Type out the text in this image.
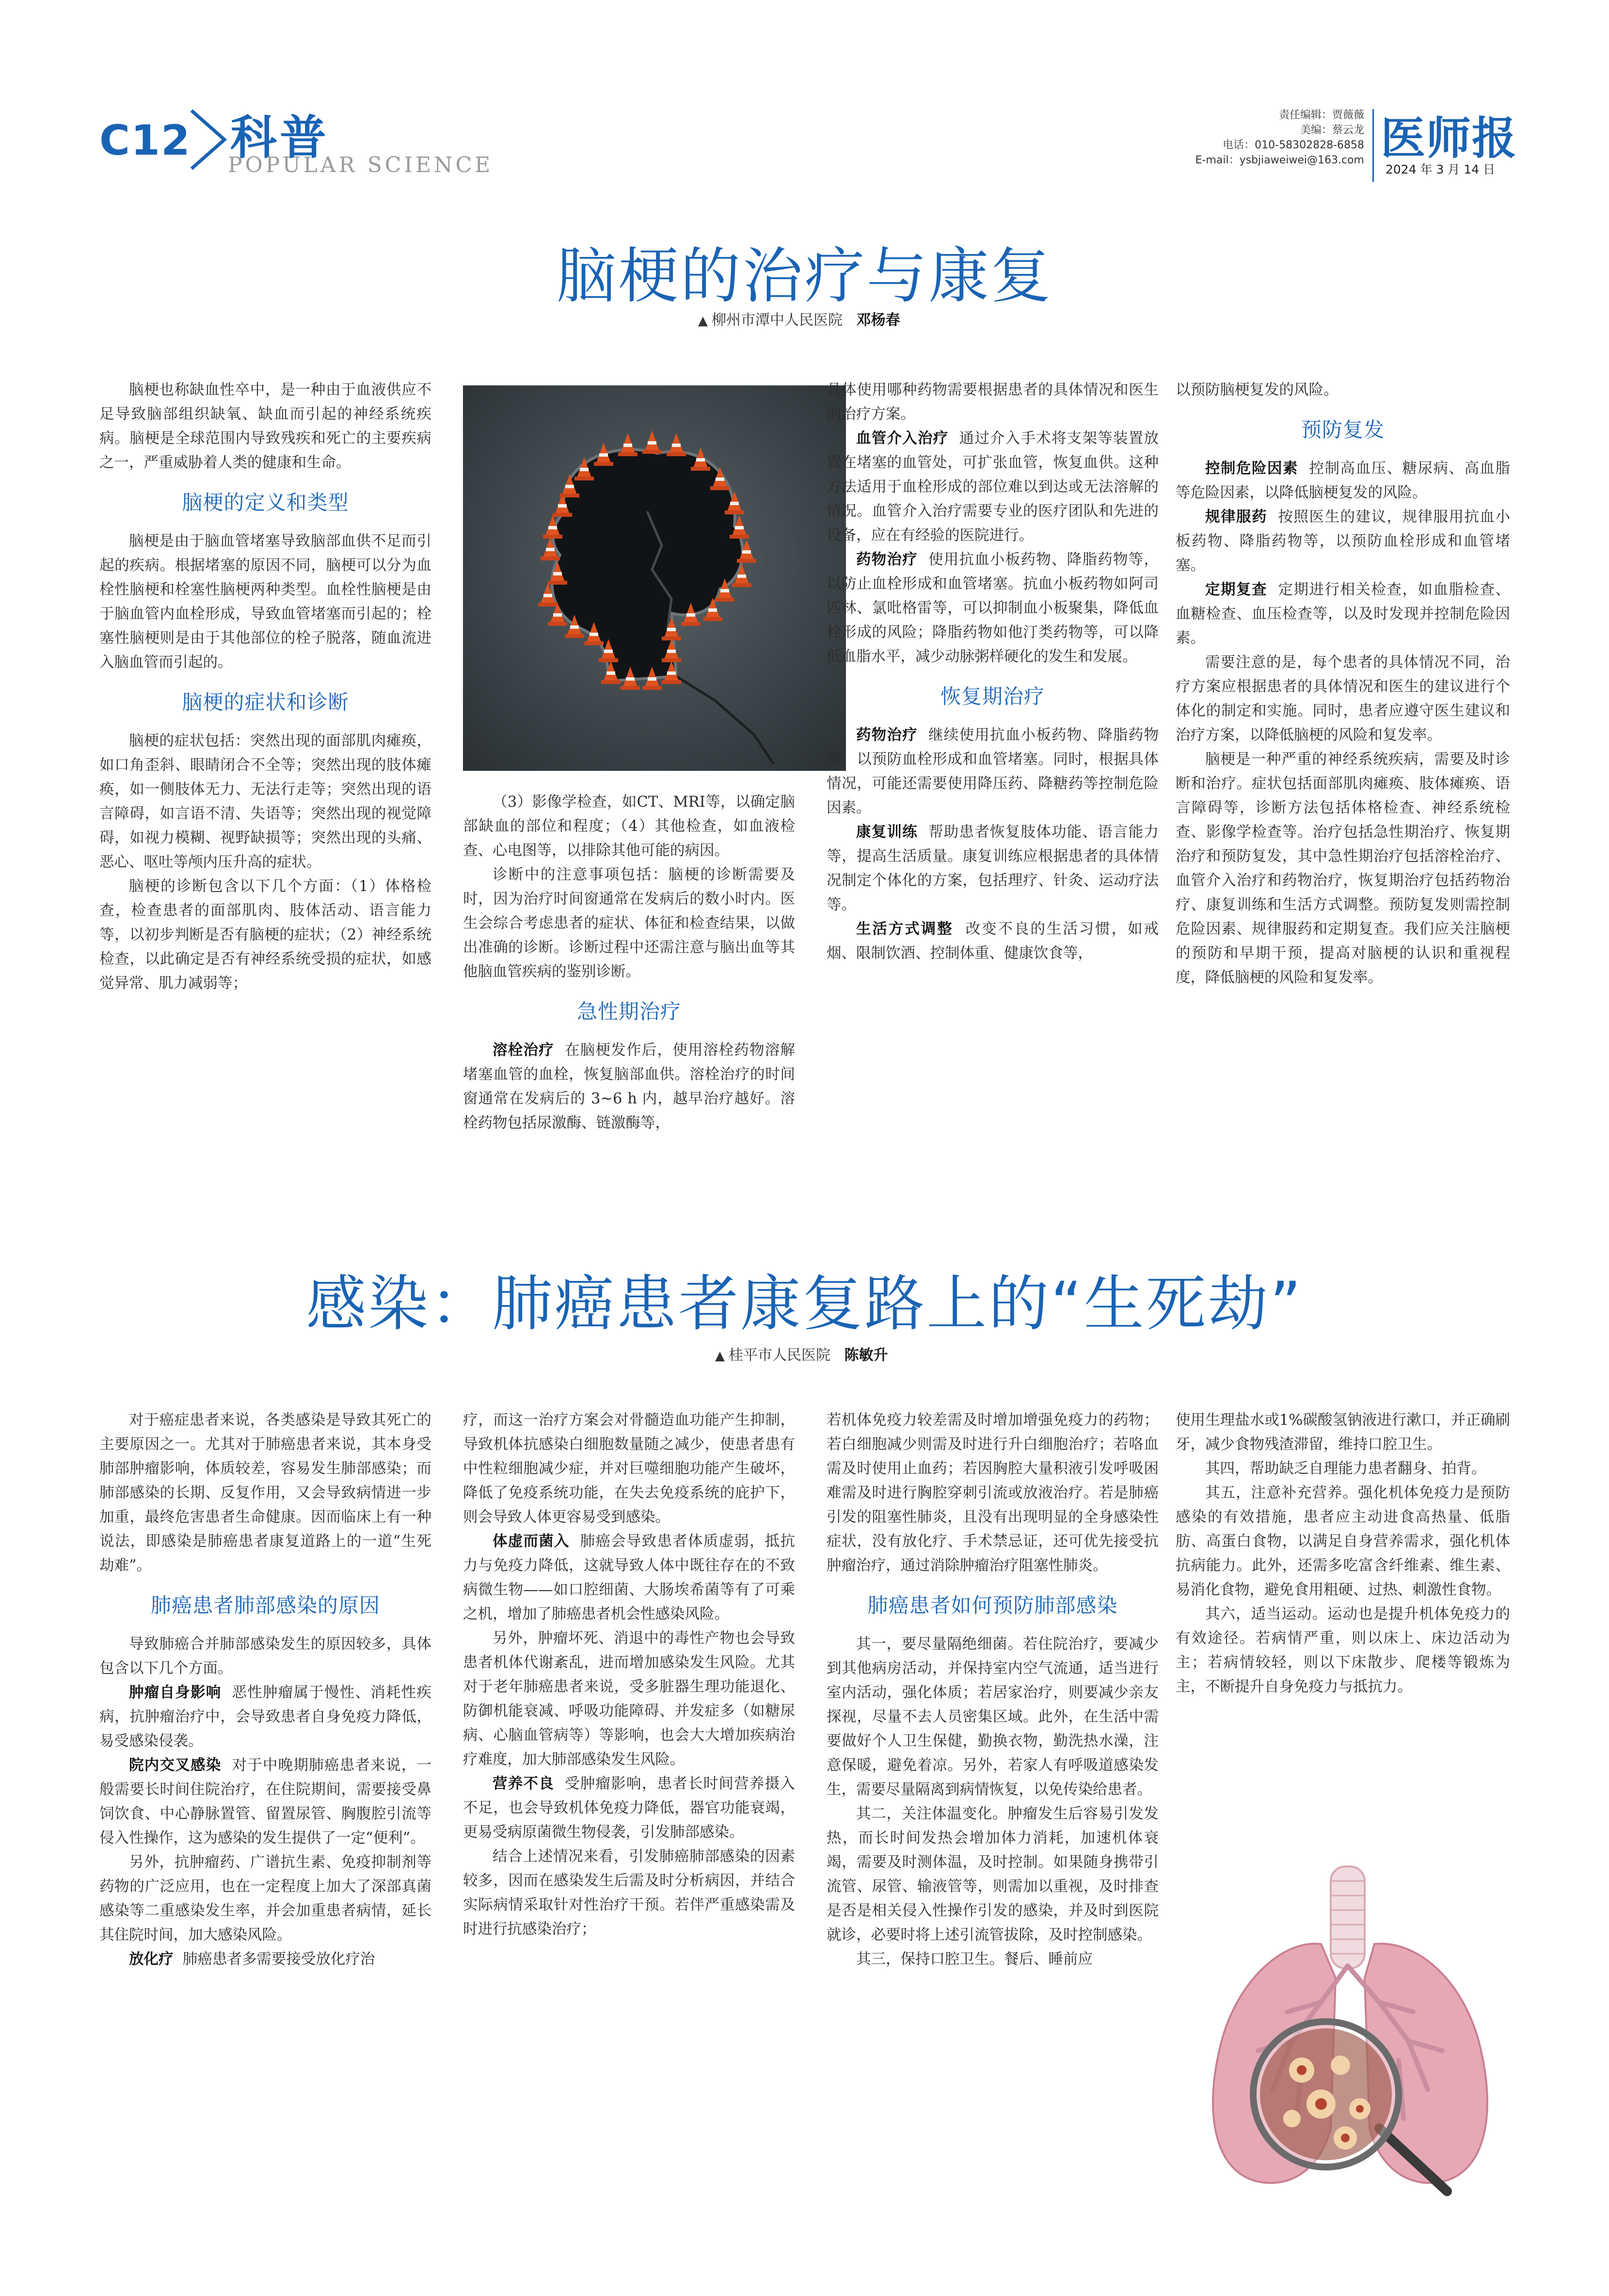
C12 科普
POPULAR SCIENCE
责任编辑：贾薇薇
美编：蔡云龙
电话：010-58302828-6858
E-mail：ysbjiaweiwei@163.com 医师报
2024 年 3 月 14 日
脑梗的治疗与康复
▲ 柳州市潭中人民医院 邓杨春

脑梗也称缺血性卒中，是一种由于血液供应不足导致脑部组织缺氧、缺血而引起的神经系统疾病。脑梗是全球范围内导致残疾和死亡的主要疾病之一，严重威胁着人类的健康和生命。

脑梗的定义和类型

脑梗是由于脑血管堵塞导致脑部血供不足而引起的疾病。根据堵塞的原因不同，脑梗可以分为血栓性脑梗和栓塞性脑梗两种类型。血栓性脑梗是由于脑血管内血栓形成，导致血管堵塞而引起的；栓塞性脑梗则是由于其他部位的栓子脱落，随血流进入脑血管而引起的。

脑梗的症状和诊断

脑梗的症状包括：突然出现的面部肌肉瘫痪，如口角歪斜、眼睛闭合不全等；突然出现的肢体瘫痪，如一侧肢体无力、无法行走等；突然出现的语言障碍，如言语不清、失语等；突然出现的视觉障碍，如视力模糊、视野缺损等；突然出现的头痛、恶心、呕吐等颅内压升高的症状。

脑梗的诊断包含以下几个方面：（1）体格检查，检查患者的面部肌肉、肢体活动、语言能力等，以初步判断是否有脑梗的症状；（2）神经系统检查，以此确定是否有神经系统受损的症状，如感觉异常、肌力减弱等；

（3）影像学检查，如CT、MRI等，以确定脑部缺血的部位和程度；（4）其他检查，如血液检查、心电图等，以排除其他可能的病因。

诊断中的注意事项包括：脑梗的诊断需要及时，因为治疗时间窗通常在发病后的数小时内。医生会综合考虑患者的症状、体征和检查结果，以做出准确的诊断。诊断过程中还需注意与脑出血等其他脑血管疾病的鉴别诊断。

急性期治疗

溶栓治疗 在脑梗发作后，使用溶栓药物溶解堵塞血管的血栓，恢复脑部血供。溶栓治疗的时间窗通常在发病后的 3~6 h 内，越早治疗越好。溶栓药物包括尿激酶、链激酶等，

具体使用哪种药物需要根据患者的具体情况和医生的治疗方案。

血管介入治疗 通过介入手术将支架等装置放置在堵塞的血管处，可扩张血管，恢复血供。这种方法适用于血栓形成的部位难以到达或无法溶解的情况。血管介入治疗需要专业的医疗团队和先进的设备，应在有经验的医院进行。

药物治疗 使用抗血小板药物、降脂药物等，以防止血栓形成和血管堵塞。抗血小板药物如阿司匹林、氯吡格雷等，可以抑制血小板聚集，降低血栓形成的风险；降脂药物如他汀类药物等，可以降低血脂水平，减少动脉粥样硬化的发生和发展。

恢复期治疗

药物治疗 继续使用抗血小板药物、降脂药物等，以预防血栓形成和血管堵塞。同时，根据具体情况，可能还需要使用降压药、降糖药等控制危险因素。

康复训练 帮助患者恢复肢体功能、语言能力等，提高生活质量。康复训练应根据患者的具体情况制定个体化的方案，包括理疗、针灸、运动疗法等。

生活方式调整 改变不良的生活习惯，如戒烟、限制饮酒、控制体重、健康饮食等，

以预防脑梗复发的风险。

预防复发

控制危险因素 控制高血压、糖尿病、高血脂等危险因素，以降低脑梗复发的风险。

规律服药 按照医生的建议，规律服用抗血小板药物、降脂药物等，以预防血栓形成和血管堵塞。

定期复查 定期进行相关检查，如血脂检查、血糖检查、血压检查等，以及时发现并控制危险因素。

需要注意的是，每个患者的具体情况不同，治疗方案应根据患者的具体情况和医生的建议进行个体化的制定和实施。同时，患者应遵守医生建议和治疗方案，以降低脑梗的风险和复发率。

脑梗是一种严重的神经系统疾病，需要及时诊断和治疗。症状包括面部肌肉瘫痪、肢体瘫痪、语言障碍等，诊断方法包括体格检查、神经系统检查、影像学检查等。治疗包括急性期治疗、恢复期治疗和预防复发，其中急性期治疗包括溶栓治疗、血管介入治疗和药物治疗，恢复期治疗包括药物治疗、康复训练和生活方式调整。预防复发则需控制危险因素、规律服药和定期复查。我们应关注脑梗的预防和早期干预，提高对脑梗的认识和重视程度，降低脑梗的风险和复发率。

感染：肺癌患者康复路上的“生死劫”
▲ 桂平市人民医院 陈敏升

对于癌症患者来说，各类感染是导致其死亡的主要原因之一。尤其对于肺癌患者来说，其本身受肺部肿瘤影响，体质较差，容易发生肺部感染；而肺部感染的长期、反复作用，又会导致病情进一步加重，最终危害患者生命健康。因而临床上有一种说法，即感染是肺癌患者康复道路上的一道“生死劫难”。

肺癌患者肺部感染的原因

导致肺癌合并肺部感染发生的原因较多，具体包含以下几个方面。

肿瘤自身影响 恶性肿瘤属于慢性、消耗性疾病，抗肿瘤治疗中，会导致患者自身免疫力降低，易受感染侵袭。

院内交叉感染 对于中晚期肺癌患者来说，一般需要长时间住院治疗，在住院期间，需要接受鼻饲饮食、中心静脉置管、留置尿管、胸腹腔引流等侵入性操作，这为感染的发生提供了一定“便利”。

另外，抗肿瘤药、广谱抗生素、免疫抑制剂等药物的广泛应用，也在一定程度上加大了深部真菌感染等二重感染发生率，并会加重患者病情，延长其住院时间，加大感染风险。

放化疗 肺癌患者多需要接受放化疗治

疗，而这一治疗方案会对骨髓造血功能产生抑制，导致机体抗感染白细胞数量随之减少，使患者患有中性粒细胞减少症，并对巨噬细胞功能产生破坏，降低了免疫系统功能，在失去免疫系统的庇护下，则会导致人体更容易受到感染。

体虚而菌入 肺癌会导致患者体质虚弱，抵抗力与免疫力降低，这就导致人体中既往存在的不致病微生物——如口腔细菌、大肠埃希菌等有了可乘之机，增加了肺癌患者机会性感染风险。

另外，肿瘤坏死、消退中的毒性产物也会导致患者机体代谢紊乱，进而增加感染发生风险。尤其对于老年肺癌患者来说，受多脏器生理功能退化、防御机能衰减、呼吸功能障碍、并发症多（如糖尿病、心脑血管病等）等影响，也会大大增加疾病治疗难度，加大肺部感染发生风险。

营养不良 受肿瘤影响，患者长时间营养摄入不足，也会导致机体免疫力降低，器官功能衰竭，更易受病原菌微生物侵袭，引发肺部感染。

结合上述情况来看，引发肺癌肺部感染的因素较多，因而在感染发生后需及时分析病因，并结合实际病情采取针对性治疗干预。若伴严重感染需及时进行抗感染治疗；

若机体免疫力较差需及时增加增强免疫力的药物；若白细胞减少则需及时进行升白细胞治疗；若咯血需及时使用止血药；若因胸腔大量积液引发呼吸困难需及时进行胸腔穿刺引流或放液治疗。若是肺癌引发的阻塞性肺炎，且没有出现明显的全身感染性症状，没有放化疗、手术禁忌证，还可优先接受抗肿瘤治疗，通过消除肿瘤治疗阻塞性肺炎。

肺癌患者如何预防肺部感染

其一，要尽量隔绝细菌。若住院治疗，要减少到其他病房活动，并保持室内空气流通，适当进行室内活动，强化体质；若居家治疗，则要减少亲友探视，尽量不去人员密集区域。此外，在生活中需要做好个人卫生保健，勤换衣物，勤洗热水澡，注意保暖，避免着凉。另外，若家人有呼吸道感染发生，需要尽量隔离到病情恢复，以免传染给患者。

其二，关注体温变化。肿瘤发生后容易引发发热，而长时间发热会增加体力消耗，加速机体衰竭，需要及时测体温，及时控制。如果随身携带引流管、尿管、输液管等，则需加以重视，及时排查是否是相关侵入性操作引发的感染，并及时到医院就诊，必要时将上述引流管拔除，及时控制感染。

其三，保持口腔卫生。餐后、睡前应

使用生理盐水或1%碳酸氢钠液进行漱口，并正确刷牙，减少食物残渣滞留，维持口腔卫生。

其四，帮助缺乏自理能力患者翻身、拍背。

其五，注意补充营养。强化机体免疫力是预防感染的有效措施，患者应主动进食高热量、低脂肪、高蛋白食物，以满足自身营养需求，强化机体抗病能力。此外，还需多吃富含纤维素、维生素、易消化食物，避免食用粗硬、过热、刺激性食物。

其六，适当运动。运动也是提升机体免疫力的有效途径。若病情严重，则以床上、床边活动为主；若病情较轻，则以下床散步、爬楼等锻炼为主，不断提升自身免疫力与抵抗力。
